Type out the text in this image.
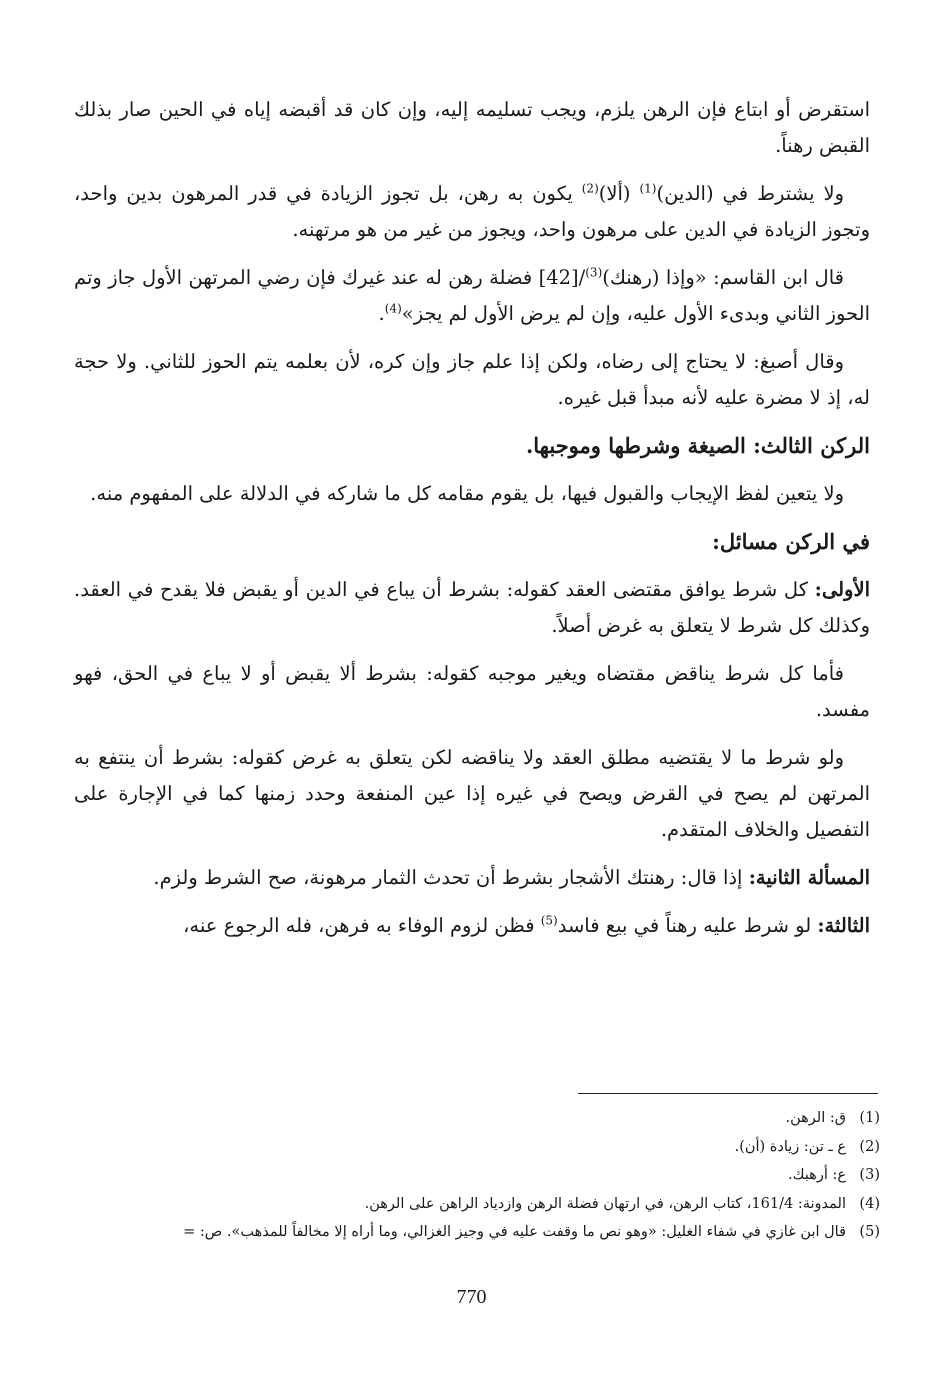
استقرض أو ابتاع فإن الرهن يلزم، ويجب تسليمه إليه، وإن كان قد أقبضه إياه في الحين صار بذلك القبض رهناً.

ولا يشترط في (الدين)$^{(1)}$ (ألا)$^{(2)}$ يكون به رهن، بل تجوز الزيادة في قدر المرهون بدين واحد، وتجوز الزيادة في الدين على مرهون واحد، ويجوز من غير من هو مرتهنه.

قال ابن القاسم: «وإذا (رهنك)$^{(3)}$/[42] فضلة رهن له عند غيرك فإن رضي المرتهن الأول جاز وتم الحوز الثاني وبدىء الأول عليه، وإن لم يرض الأول لم يجز»$^{(4)}$.

وقال أصبغ: لا يحتاج إلى رضاه، ولكن إذا علم جاز وإن كره، لأن بعلمه يتم الحوز للثاني. ولا حجة له، إذ لا مضرة عليه لأنه مبدأ قبل غيره.

الركن الثالث: الصيغة وشرطها وموجبها.

ولا يتعين لفظ الإيجاب والقبول فيها، بل يقوم مقامه كل ما شاركه في الدلالة على المفهوم منه.

في الركن مسائل:

الأولى: كل شرط يوافق مقتضى العقد كقوله: بشرط أن يباع في الدين أو يقبض فلا يقدح في العقد. وكذلك كل شرط لا يتعلق به غرض أصلاً.

فأما كل شرط يناقض مقتضاه ويغير موجبه كقوله: بشرط ألا يقبض أو لا يباع في الحق، فهو مفسد.

ولو شرط ما لا يقتضيه مطلق العقد ولا يناقضه لكن يتعلق به غرض كقوله: بشرط أن ينتفع به المرتهن لم يصح في القرض ويصح في غيره إذا عين المنفعة وحدد زمنها كما في الإجارة على التفصيل والخلاف المتقدم.

المسألة الثانية: إذا قال: رهنتك الأشجار بشرط أن تحدث الثمار مرهونة، صح الشرط ولزم.

الثالثة: لو شرط عليه رهناً في بيع فاسد$^{(5)}$ فظن لزوم الوفاء به فرهن، فله الرجوع عنه،

(1)
ق: الرهن.
(2)
ع ـ تن: زيادة (أن).
(3)
ع: أرهبك.
(4)
المدونة: 161/4، كتاب الرهن، في ارتهان فضلة الرهن وازدياد الراهن على الرهن.
(5)
قال ابن غازي في شفاء الغليل: «وهو نص ما وقفت عليه في وجيز الغزالي، وما أراه إلا مخالفاً للمذهب». ص: =
770
